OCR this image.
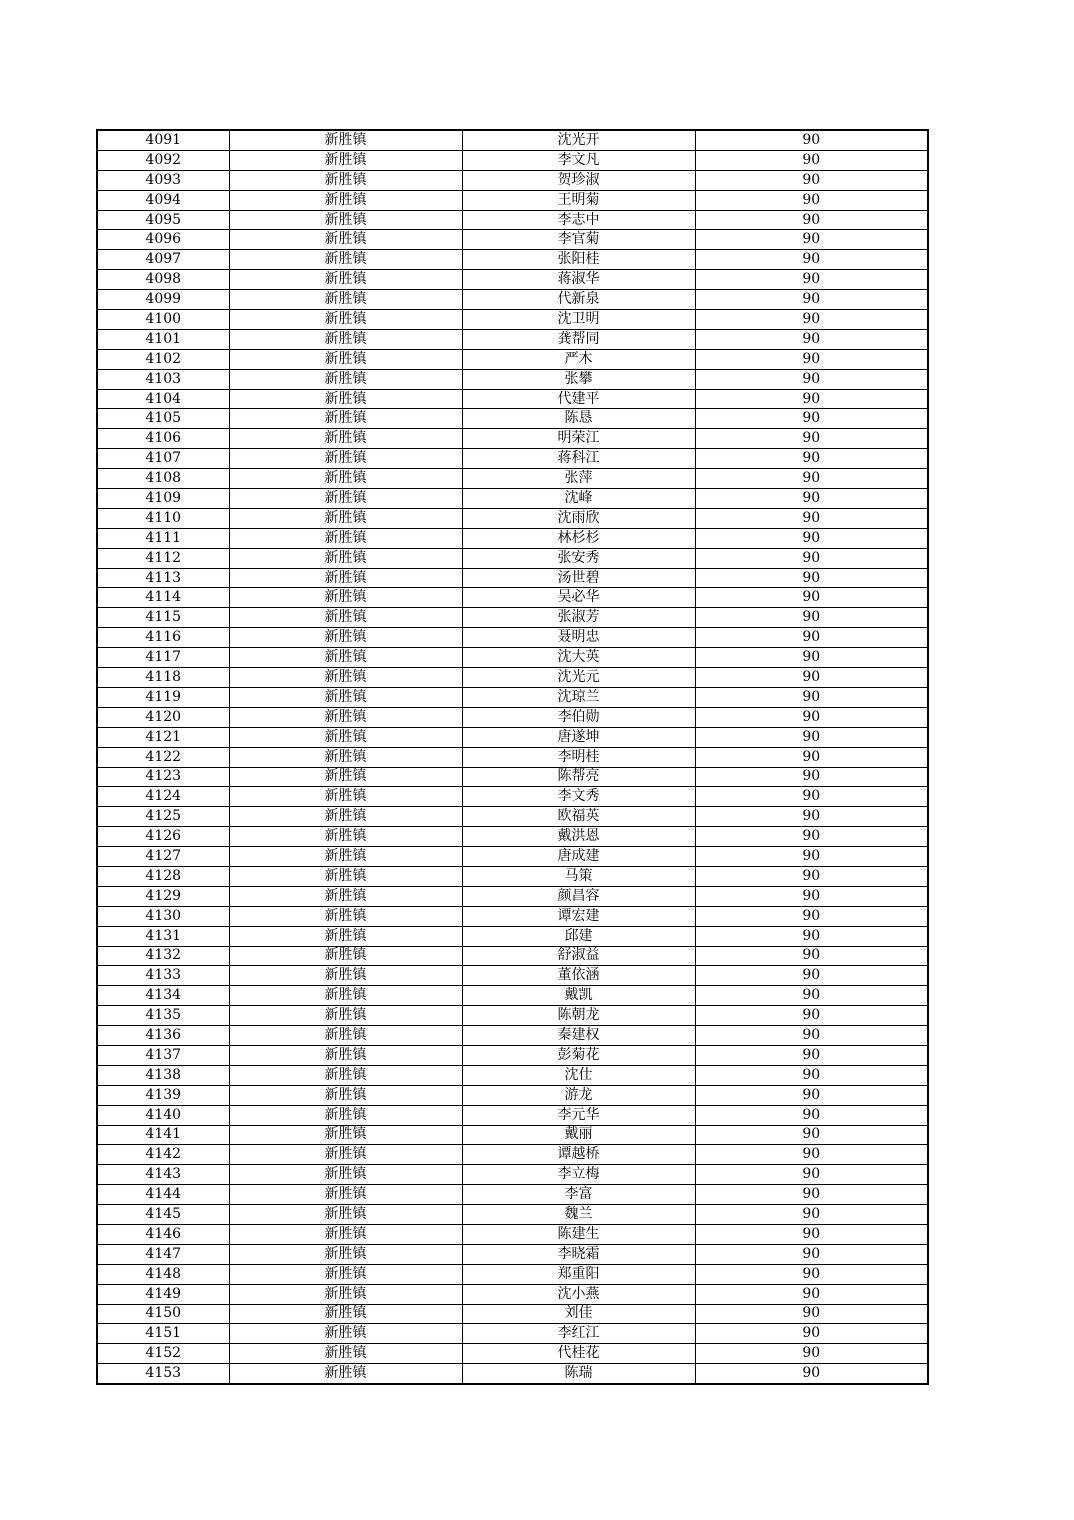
4091	新胜镇	沈光开	90
4092	新胜镇	李文凡	90
4093	新胜镇	贺珍淑	90
4094	新胜镇	王明菊	90
4095	新胜镇	李志中	90
4096	新胜镇	李官菊	90
4097	新胜镇	张阳桂	90
4098	新胜镇	蒋淑华	90
4099	新胜镇	代新泉	90
4100	新胜镇	沈卫明	90
4101	新胜镇	龚帮同	90
4102	新胜镇	严木	90
4103	新胜镇	张攀	90
4104	新胜镇	代建平	90
4105	新胜镇	陈恳	90
4106	新胜镇	明荣江	90
4107	新胜镇	蒋科江	90
4108	新胜镇	张萍	90
4109	新胜镇	沈峰	90
4110	新胜镇	沈雨欣	90
4111	新胜镇	林杉杉	90
4112	新胜镇	张安秀	90
4113	新胜镇	汤世碧	90
4114	新胜镇	吴必华	90
4115	新胜镇	张淑芳	90
4116	新胜镇	聂明忠	90
4117	新胜镇	沈大英	90
4118	新胜镇	沈光元	90
4119	新胜镇	沈琼兰	90
4120	新胜镇	李伯勋	90
4121	新胜镇	唐遂坤	90
4122	新胜镇	李明桂	90
4123	新胜镇	陈帮亮	90
4124	新胜镇	李文秀	90
4125	新胜镇	欧福英	90
4126	新胜镇	戴洪恩	90
4127	新胜镇	唐成建	90
4128	新胜镇	马策	90
4129	新胜镇	颜昌容	90
4130	新胜镇	谭宏建	90
4131	新胜镇	邱建	90
4132	新胜镇	舒淑益	90
4133	新胜镇	董依涵	90
4134	新胜镇	戴凯	90
4135	新胜镇	陈朝龙	90
4136	新胜镇	秦建权	90
4137	新胜镇	彭菊花	90
4138	新胜镇	沈仕	90
4139	新胜镇	游龙	90
4140	新胜镇	李元华	90
4141	新胜镇	戴丽	90
4142	新胜镇	谭越桥	90
4143	新胜镇	李立梅	90
4144	新胜镇	李富	90
4145	新胜镇	魏兰	90
4146	新胜镇	陈建生	90
4147	新胜镇	李晓霜	90
4148	新胜镇	郑重阳	90
4149	新胜镇	沈小燕	90
4150	新胜镇	刘佳	90
4151	新胜镇	李红江	90
4152	新胜镇	代桂花	90
4153	新胜镇	陈瑞	90
